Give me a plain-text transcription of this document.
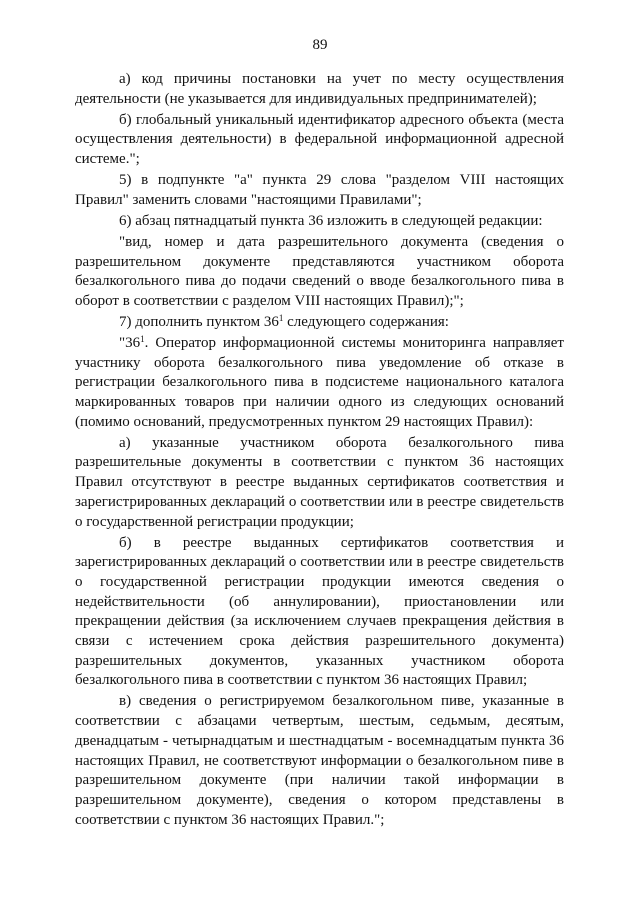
89

а) код причины постановки на учет по месту осуществления деятельности (не указывается для индивидуальных предпринимателей);

б) глобальный уникальный идентификатор адресного объекта (места осуществления деятельности) в федеральной информационной адресной системе.";

5) в подпункте "а" пункта 29 слова "разделом VIII настоящих Правил" заменить словами "настоящими Правилами";

6) абзац пятнадцатый пункта 36 изложить в следующей редакции:

"вид, номер и дата разрешительного документа (сведения о разрешительном документе представляются участником оборота безалкогольного пива до подачи сведений о вводе безалкогольного пива в оборот в соответствии с разделом VIII настоящих Правил);";

7) дополнить пунктом $36^1$ следующего содержания:

"$36^1$. Оператор информационной системы мониторинга направляет участнику оборота безалкогольного пива уведомление об отказе в регистрации безалкогольного пива в подсистеме национального каталога маркированных товаров при наличии одного из следующих оснований (помимо оснований, предусмотренных пунктом 29 настоящих Правил):

а) указанные участником оборота безалкогольного пива разрешительные документы в соответствии с пунктом 36 настоящих Правил отсутствуют в реестре выданных сертификатов соответствия и зарегистрированных деклараций о соответствии или в реестре свидетельств о государственной регистрации продукции;

б) в реестре выданных сертификатов соответствия и зарегистрированных деклараций о соответствии или в реестре свидетельств о государственной регистрации продукции имеются сведения о недействительности (об аннулировании), приостановлении или прекращении действия (за исключением случаев прекращения действия в связи с истечением срока действия разрешительного документа) разрешительных документов, указанных участником оборота безалкогольного пива в соответствии с пунктом 36 настоящих Правил;

в) сведения о регистрируемом безалкогольном пиве, указанные в соответствии с абзацами четвертым, шестым, седьмым, десятым, двенадцатым - четырнадцатым и шестнадцатым - восемнадцатым пункта 36 настоящих Правил, не соответствуют информации о безалкогольном пиве в разрешительном документе (при наличии такой информации в разрешительном документе), сведения о котором представлены в соответствии с пунктом 36 настоящих Правил.";
